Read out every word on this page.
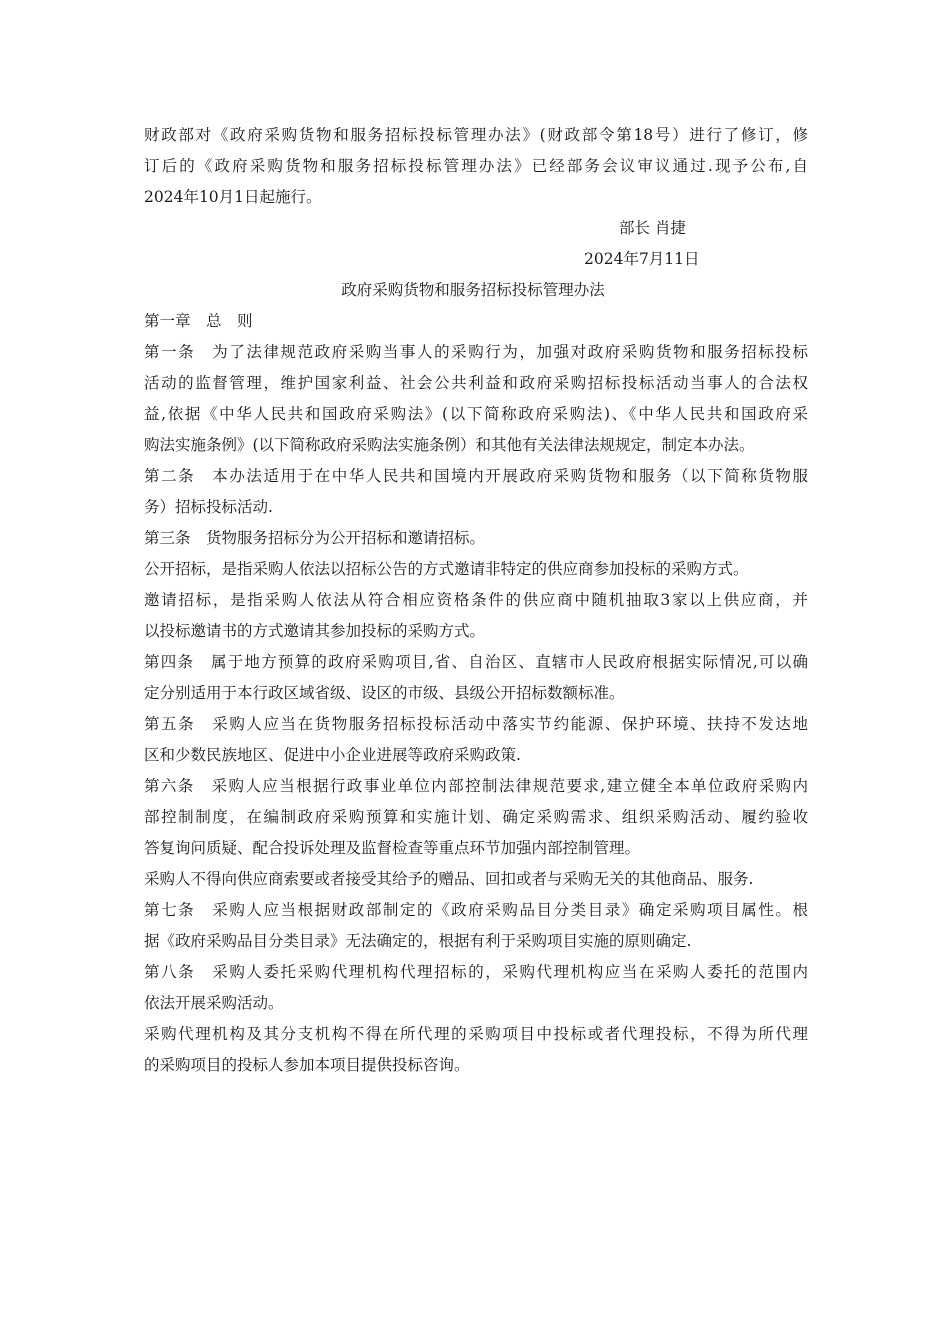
财政部对《政府采购货物和服务招标投标管理办法》(财政部令第18号）进行了修订，修
订后的《政府采购货物和服务招标投标管理办法》已经部务会议审议通过.现予公布,自
2024年10月1日起施行。
部长 肖捷
2024年7月11日
政府采购货物和服务招标投标管理办法
第一章　总　则
第一条　为了法律规范政府采购当事人的采购行为，加强对政府采购货物和服务招标投标
活动的监督管理，维护国家利益、社会公共利益和政府采购招标投标活动当事人的合法权
益,依据《中华人民共和国政府采购法》(以下简称政府采购法)、《中华人民共和国政府采
购法实施条例》(以下简称政府采购法实施条例）和其他有关法律法规规定，制定本办法。
第二条　本办法适用于在中华人民共和国境内开展政府采购货物和服务（以下简称货物服
务）招标投标活动.
第三条　货物服务招标分为公开招标和邀请招标。
公开招标，是指采购人依法以招标公告的方式邀请非特定的供应商参加投标的采购方式。
邀请招标，是指采购人依法从符合相应资格条件的供应商中随机抽取3家以上供应商，并
以投标邀请书的方式邀请其参加投标的采购方式。
第四条　属于地方预算的政府采购项目,省、自治区、直辖市人民政府根据实际情况,可以确
定分别适用于本行政区域省级、设区的市级、县级公开招标数额标准。
第五条　采购人应当在货物服务招标投标活动中落实节约能源、保护环境、扶持不发达地
区和少数民族地区、促进中小企业进展等政府采购政策.
第六条　采购人应当根据行政事业单位内部控制法律规范要求,建立健全本单位政府采购内
部控制制度，在编制政府采购预算和实施计划、确定采购需求、组织采购活动、履约验收
答复询问质疑、配合投诉处理及监督检查等重点环节加强内部控制管理。
采购人不得向供应商索要或者接受其给予的赠品、回扣或者与采购无关的其他商品、服务.
第七条　采购人应当根据财政部制定的《政府采购品目分类目录》确定采购项目属性。根
据《政府采购品目分类目录》无法确定的，根据有利于采购项目实施的原则确定.
第八条　采购人委托采购代理机构代理招标的，采购代理机构应当在采购人委托的范围内
依法开展采购活动。
采购代理机构及其分支机构不得在所代理的采购项目中投标或者代理投标，不得为所代理
的采购项目的投标人参加本项目提供投标咨询。
